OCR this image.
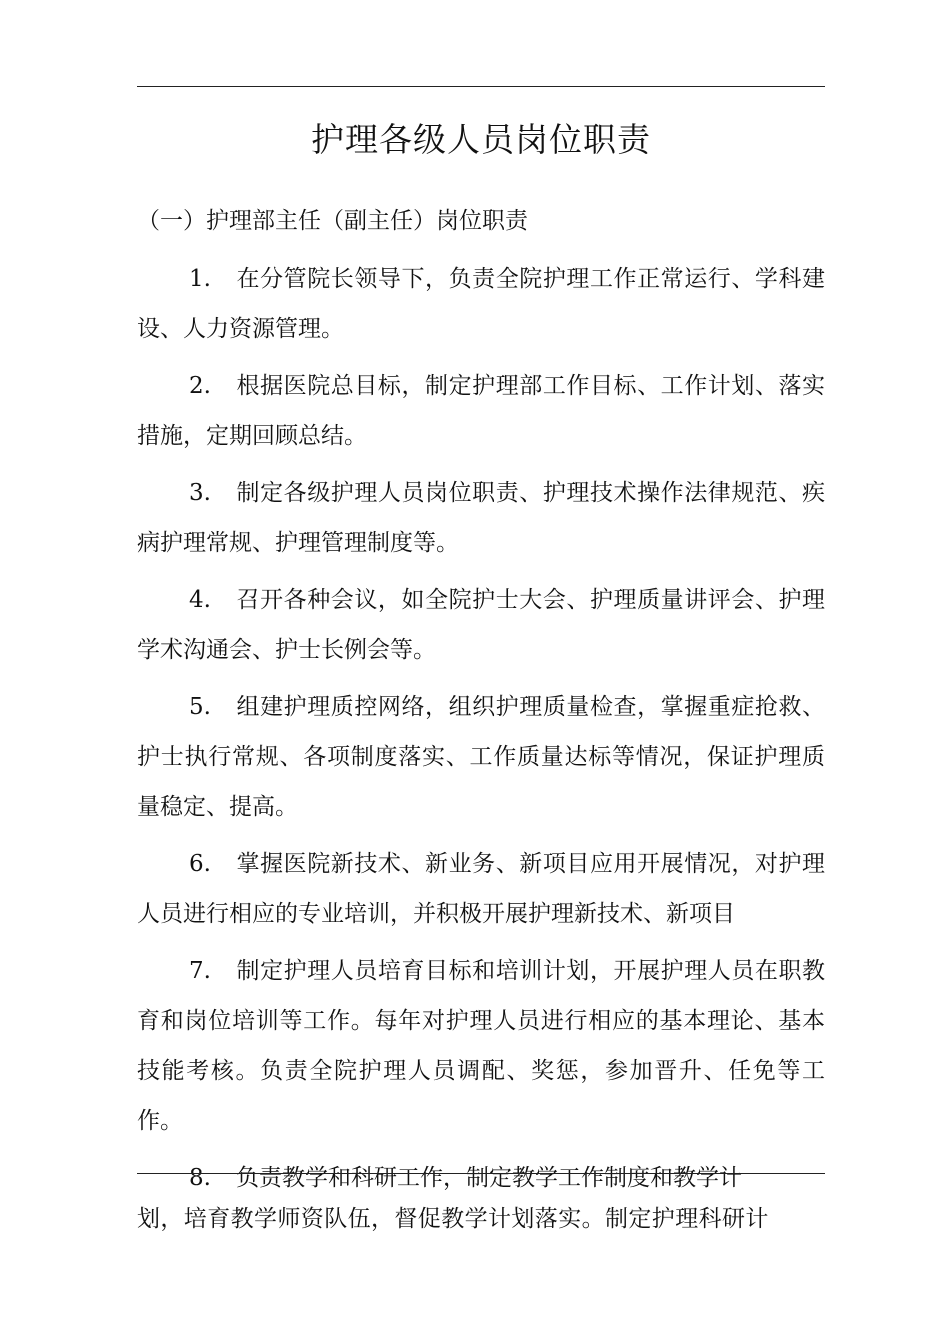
护理各级人员岗位职责
（一）护理部主任（副主任）岗位职责

1. 在分管院长领导下，负责全院护理工作正常运行、学科建设、人力资源管理。

2. 根据医院总目标，制定护理部工作目标、工作计划、落实措施，定期回顾总结。

3. 制定各级护理人员岗位职责、护理技术操作法律规范、疾病护理常规、护理管理制度等。

4. 召开各种会议，如全院护士大会、护理质量讲评会、护理学术沟通会、护士长例会等。

5. 组建护理质控网络，组织护理质量检查，掌握重症抢救、护士执行常规、各项制度落实、工作质量达标等情况，保证护理质量稳定、提高。

6. 掌握医院新技术、新业务、新项目应用开展情况，对护理人员进行相应的专业培训，并积极开展护理新技术、新项目

7. 制定护理人员培育目标和培训计划，开展护理人员在职教育和岗位培训等工作。每年对护理人员进行相应的基本理论、基本技能考核。负责全院护理人员调配、奖惩，参加晋升、任免等工作。

8. 负责教学和科研工作，制定教学工作制度和教学计

划，培育教学师资队伍，督促教学计划落实。制定护理科研计
